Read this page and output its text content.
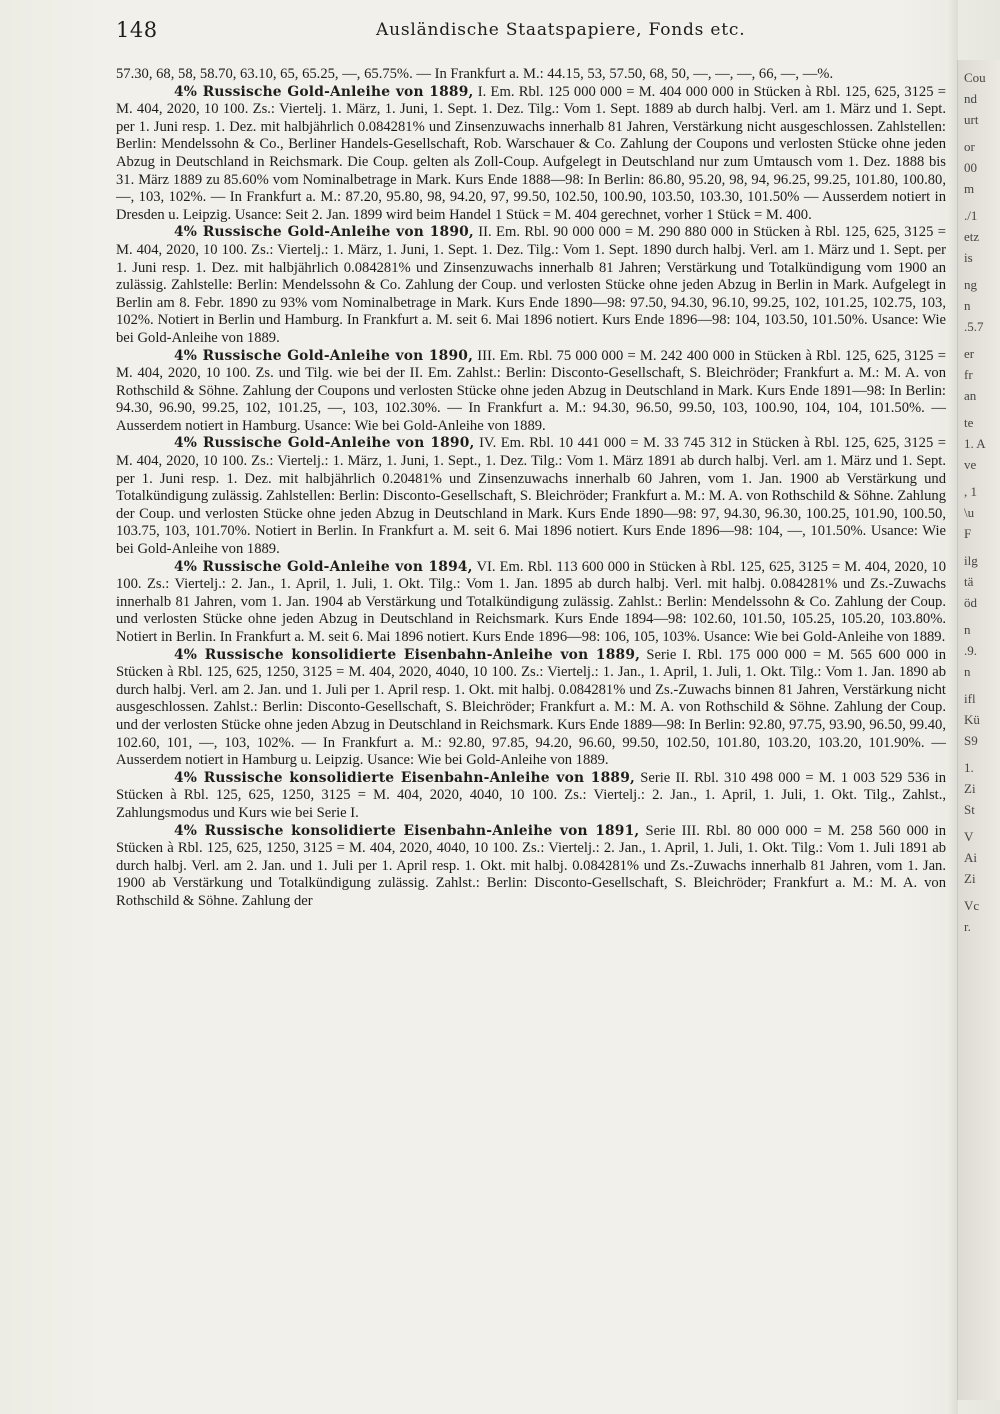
148	Ausländische Staatspapiere, Fonds etc.

57.30, 68, 58, 58.70, 63.10, 65, 65.25, —, 65.75%. — In Frankfurt a. M.: 44.15, 53, 57.50, 68, 50, —, —, —, 66, —, —%.

4% Russische Gold-Anleihe von 1889, I. Em. Rbl. 125 000 000 = M. 404 000 000 in Stücken à Rbl. 125, 625, 3125 = M. 404, 2020, 10 100. Zs.: Viertelj. 1. März, 1. Juni, 1. Sept. 1. Dez. Tilg.: Vom 1. Sept. 1889 ab durch halbj. Verl. am 1. März und 1. Sept. per 1. Juni resp. 1. Dez. mit halbjährlich 0.084281% und Zinsenzuwachs innerhalb 81 Jahren, Verstärkung nicht ausgeschlossen. Zahlstellen: Berlin: Mendelssohn & Co., Berliner Handels-Gesellschaft, Rob. Warschauer & Co. Zahlung der Coupons und verlosten Stücke ohne jeden Abzug in Deutschland in Reichsmark. Die Coup. gelten als Zoll-Coup. Aufgelegt in Deutschland nur zum Umtausch vom 1. Dez. 1888 bis 31. März 1889 zu 85.60% vom Nominalbetrage in Mark. Kurs Ende 1888—98: In Berlin: 86.80, 95.20, 98, 94, 96.25, 99.25, 101.80, 100.80, —, 103, 102%. — In Frankfurt a. M.: 87.20, 95.80, 98, 94.20, 97, 99.50, 102.50, 100.90, 103.50, 103.30, 101.50% — Ausserdem notiert in Dresden u. Leipzig. Usance: Seit 2. Jan. 1899 wird beim Handel 1 Stück = M. 404 gerechnet, vorher 1 Stück = M. 400.

4% Russische Gold-Anleihe von 1890, II. Em. Rbl. 90 000 000 = M. 290 880 000 in Stücken à Rbl. 125, 625, 3125 = M. 404, 2020, 10 100. Zs.: Viertelj.: 1. März, 1. Juni, 1. Sept. 1. Dez. Tilg.: Vom 1. Sept. 1890 durch halbj. Verl. am 1. März und 1. Sept. per 1. Juni resp. 1. Dez. mit halbjährlich 0.084281% und Zinsenzuwachs innerhalb 81 Jahren; Verstärkung und Totalkündigung vom 1900 an zulässig. Zahlstelle: Berlin: Mendelssohn & Co. Zahlung der Coup. und verlosten Stücke ohne jeden Abzug in Berlin in Mark. Aufgelegt in Berlin am 8. Febr. 1890 zu 93% vom Nominalbetrage in Mark. Kurs Ende 1890—98: 97.50, 94.30, 96.10, 99.25, 102, 101.25, 102.75, 103, 102%. Notiert in Berlin und Hamburg. In Frankfurt a. M. seit 6. Mai 1896 notiert. Kurs Ende 1896—98: 104, 103.50, 101.50%. Usance: Wie bei Gold-Anleihe von 1889.

4% Russische Gold-Anleihe von 1890, III. Em. Rbl. 75 000 000 = M. 242 400 000 in Stücken à Rbl. 125, 625, 3125 = M. 404, 2020, 10 100. Zs. und Tilg. wie bei der II. Em. Zahlst.: Berlin: Disconto-Gesellschaft, S. Bleichröder; Frankfurt a. M.: M. A. von Rothschild & Söhne. Zahlung der Coupons und verlosten Stücke ohne jeden Abzug in Deutschland in Mark. Kurs Ende 1891—98: In Berlin: 94.30, 96.90, 99.25, 102, 101.25, —, 103, 102.30%. — In Frankfurt a. M.: 94.30, 96.50, 99.50, 103, 100.90, 104, 104, 101.50%. — Ausserdem notiert in Hamburg. Usance: Wie bei Gold-Anleihe von 1889.

4% Russische Gold-Anleihe von 1890, IV. Em. Rbl. 10 441 000 = M. 33 745 312 in Stücken à Rbl. 125, 625, 3125 = M. 404, 2020, 10 100. Zs.: Viertelj.: 1. März, 1. Juni, 1. Sept., 1. Dez. Tilg.: Vom 1. März 1891 ab durch halbj. Verl. am 1. März und 1. Sept. per 1. Juni resp. 1. Dez. mit halbjährlich 0.20481% und Zinsenzuwachs innerhalb 60 Jahren, vom 1. Jan. 1900 ab Verstärkung und Totalkündigung zulässig. Zahlstellen: Berlin: Disconto-Gesellschaft, S. Bleichröder; Frankfurt a. M.: M. A. von Rothschild & Söhne. Zahlung der Coup. und verlosten Stücke ohne jeden Abzug in Deutschland in Mark. Kurs Ende 1890—98: 97, 94.30, 96.30, 100.25, 101.90, 100.50, 103.75, 103, 101.70%. Notiert in Berlin. In Frankfurt a. M. seit 6. Mai 1896 notiert. Kurs Ende 1896—98: 104, —, 101.50%. Usance: Wie bei Gold-Anleihe von 1889.

4% Russische Gold-Anleihe von 1894, VI. Em. Rbl. 113 600 000 in Stücken à Rbl. 125, 625, 3125 = M. 404, 2020, 10 100. Zs.: Viertelj.: 2. Jan., 1. April, 1. Juli, 1. Okt. Tilg.: Vom 1. Jan. 1895 ab durch halbj. Verl. mit halbj. 0.084281% und Zs.-Zuwachs innerhalb 81 Jahren, vom 1. Jan. 1904 ab Verstärkung und Totalkündigung zulässig. Zahlst.: Berlin: Mendelssohn & Co. Zahlung der Coup. und verlosten Stücke ohne jeden Abzug in Deutschland in Reichsmark. Kurs Ende 1894—98: 102.60, 101.50, 105.25, 105.20, 103.80%. Notiert in Berlin. In Frankfurt a. M. seit 6. Mai 1896 notiert. Kurs Ende 1896—98: 106, 105, 103%. Usance: Wie bei Gold-Anleihe von 1889.

4% Russische konsolidierte Eisenbahn-Anleihe von 1889, Serie I. Rbl. 175 000 000 = M. 565 600 000 in Stücken à Rbl. 125, 625, 1250, 3125 = M. 404, 2020, 4040, 10 100. Zs.: Viertelj.: 1. Jan., 1. April, 1. Juli, 1. Okt. Tilg.: Vom 1. Jan. 1890 ab durch halbj. Verl. am 2. Jan. und 1. Juli per 1. April resp. 1. Okt. mit halbj. 0.084281% und Zs.-Zuwachs binnen 81 Jahren, Verstärkung nicht ausgeschlossen. Zahlst.: Berlin: Disconto-Gesellschaft, S. Bleichröder; Frankfurt a. M.: M. A. von Rothschild & Söhne. Zahlung der Coup. und der verlosten Stücke ohne jeden Abzug in Deutschland in Reichsmark. Kurs Ende 1889—98: In Berlin: 92.80, 97.75, 93.90, 96.50, 99.40, 102.60, 101, —, 103, 102%. — In Frankfurt a. M.: 92.80, 97.85, 94.20, 96.60, 99.50, 102.50, 101.80, 103.20, 103.20, 101.90%. — Ausserdem notiert in Hamburg u. Leipzig. Usance: Wie bei Gold-Anleihe von 1889.

4% Russische konsolidierte Eisenbahn-Anleihe von 1889, Serie II. Rbl. 310 498 000 = M. 1 003 529 536 in Stücken à Rbl. 125, 625, 1250, 3125 = M. 404, 2020, 4040, 10 100. Zs.: Viertelj.: 2. Jan., 1. April, 1. Juli, 1. Okt. Tilg., Zahlst., Zahlungsmodus und Kurs wie bei Serie I.

4% Russische konsolidierte Eisenbahn-Anleihe von 1891, Serie III. Rbl. 80 000 000 = M. 258 560 000 in Stücken à Rbl. 125, 625, 1250, 3125 = M. 404, 2020, 4040, 10 100. Zs.: Viertelj.: 2. Jan., 1. April, 1. Juli, 1. Okt. Tilg.: Vom 1. Juli 1891 ab durch halbj. Verl. am 2. Jan. und 1. Juli per 1. April resp. 1. Okt. mit halbj. 0.084281% und Zs.-Zuwachs innerhalb 81 Jahren, vom 1. Jan. 1900 ab Verstärkung und Totalkündigung zulässig. Zahlst.: Berlin: Disconto-Gesellschaft, S. Bleichröder; Frankfurt a. M.: M. A. von Rothschild & Söhne. Zahlung der

Cou
nd
urt
or
00
m
./1
etz
is
ng
n
.5.7
er
fr
an
te
1. A
ve
, 1
\u
F
ilg
tä
öd
n
.9.
n
ifl
Kü
S9
1.
Zi
St
V
Ai
Zi
Vc
r.
